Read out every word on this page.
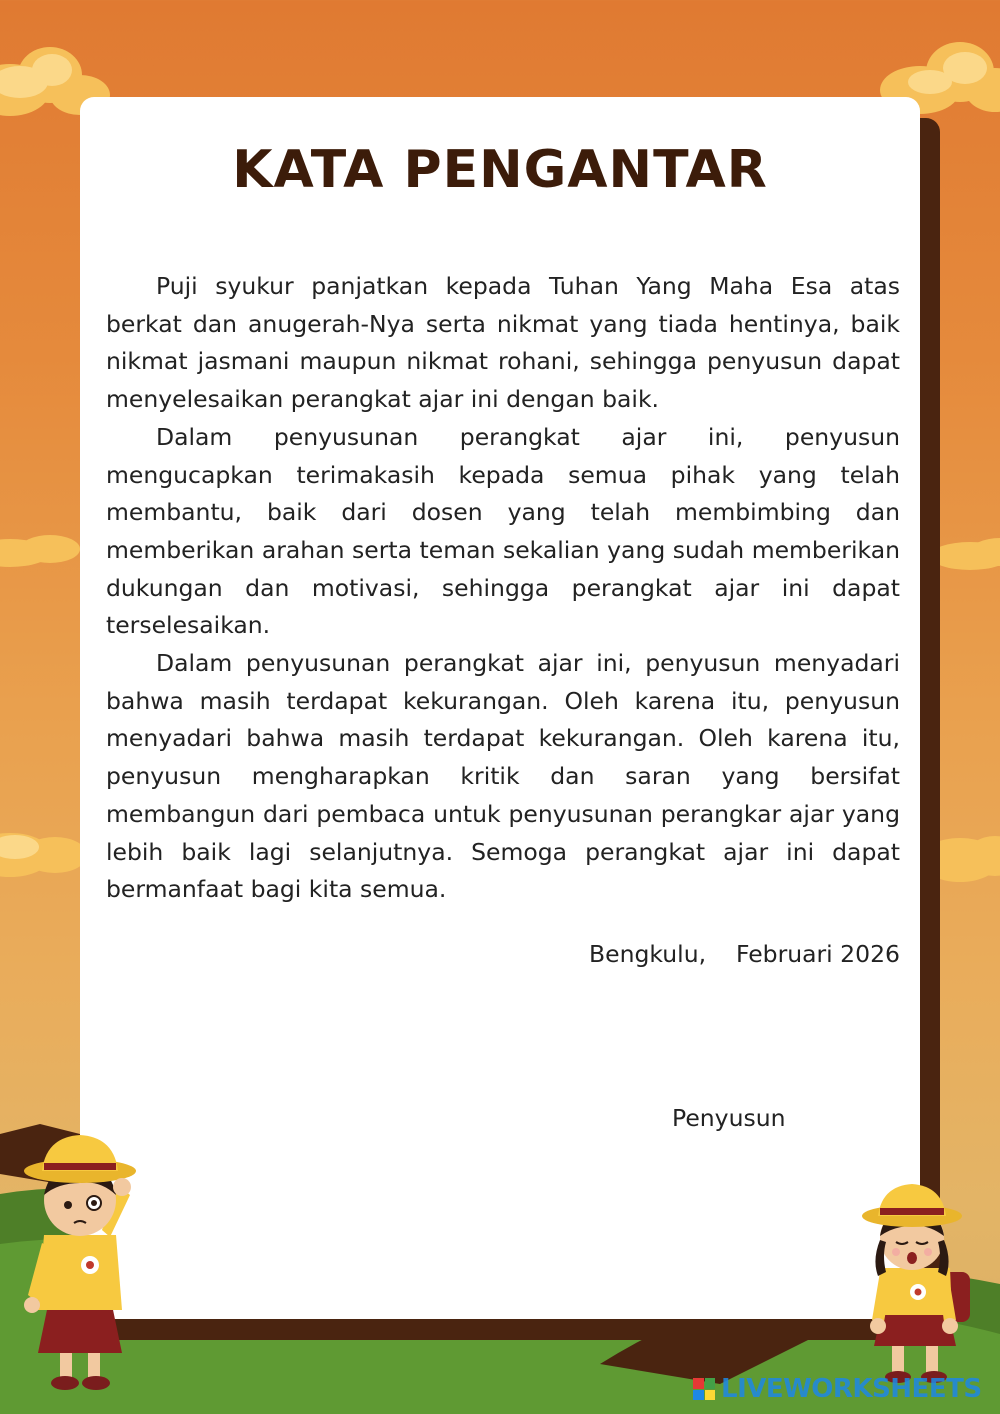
KATA PENGANTAR

Puji syukur panjatkan kepada Tuhan Yang Maha Esa atas berkat dan anugerah-Nya serta nikmat yang tiada hentinya, baik nikmat jasmani maupun nikmat rohani, sehingga penyusun dapat menyelesaikan perangkat ajar ini dengan baik.

Dalam penyusunan perangkat ajar ini, penyusun mengucapkan terimakasih kepada semua pihak yang telah membantu, baik dari dosen yang telah membimbing dan memberikan arahan serta teman sekalian yang sudah memberikan dukungan dan motivasi, sehingga perangkat ajar ini dapat terselesaikan.

Dalam penyusunan perangkat ajar ini, penyusun menyadari bahwa masih terdapat kekurangan. Oleh karena itu, penyusun menyadari bahwa masih terdapat kekurangan. Oleh karena itu, penyusun mengharapkan kritik dan saran yang bersifat membangun dari pembaca untuk penyusunan perangkar ajar yang lebih baik lagi selanjutnya. Semoga perangkat ajar ini dapat bermanfaat bagi kita semua.

Bengkulu,    Februari 2026
Penyusun
LIVEWORKSHEETS
